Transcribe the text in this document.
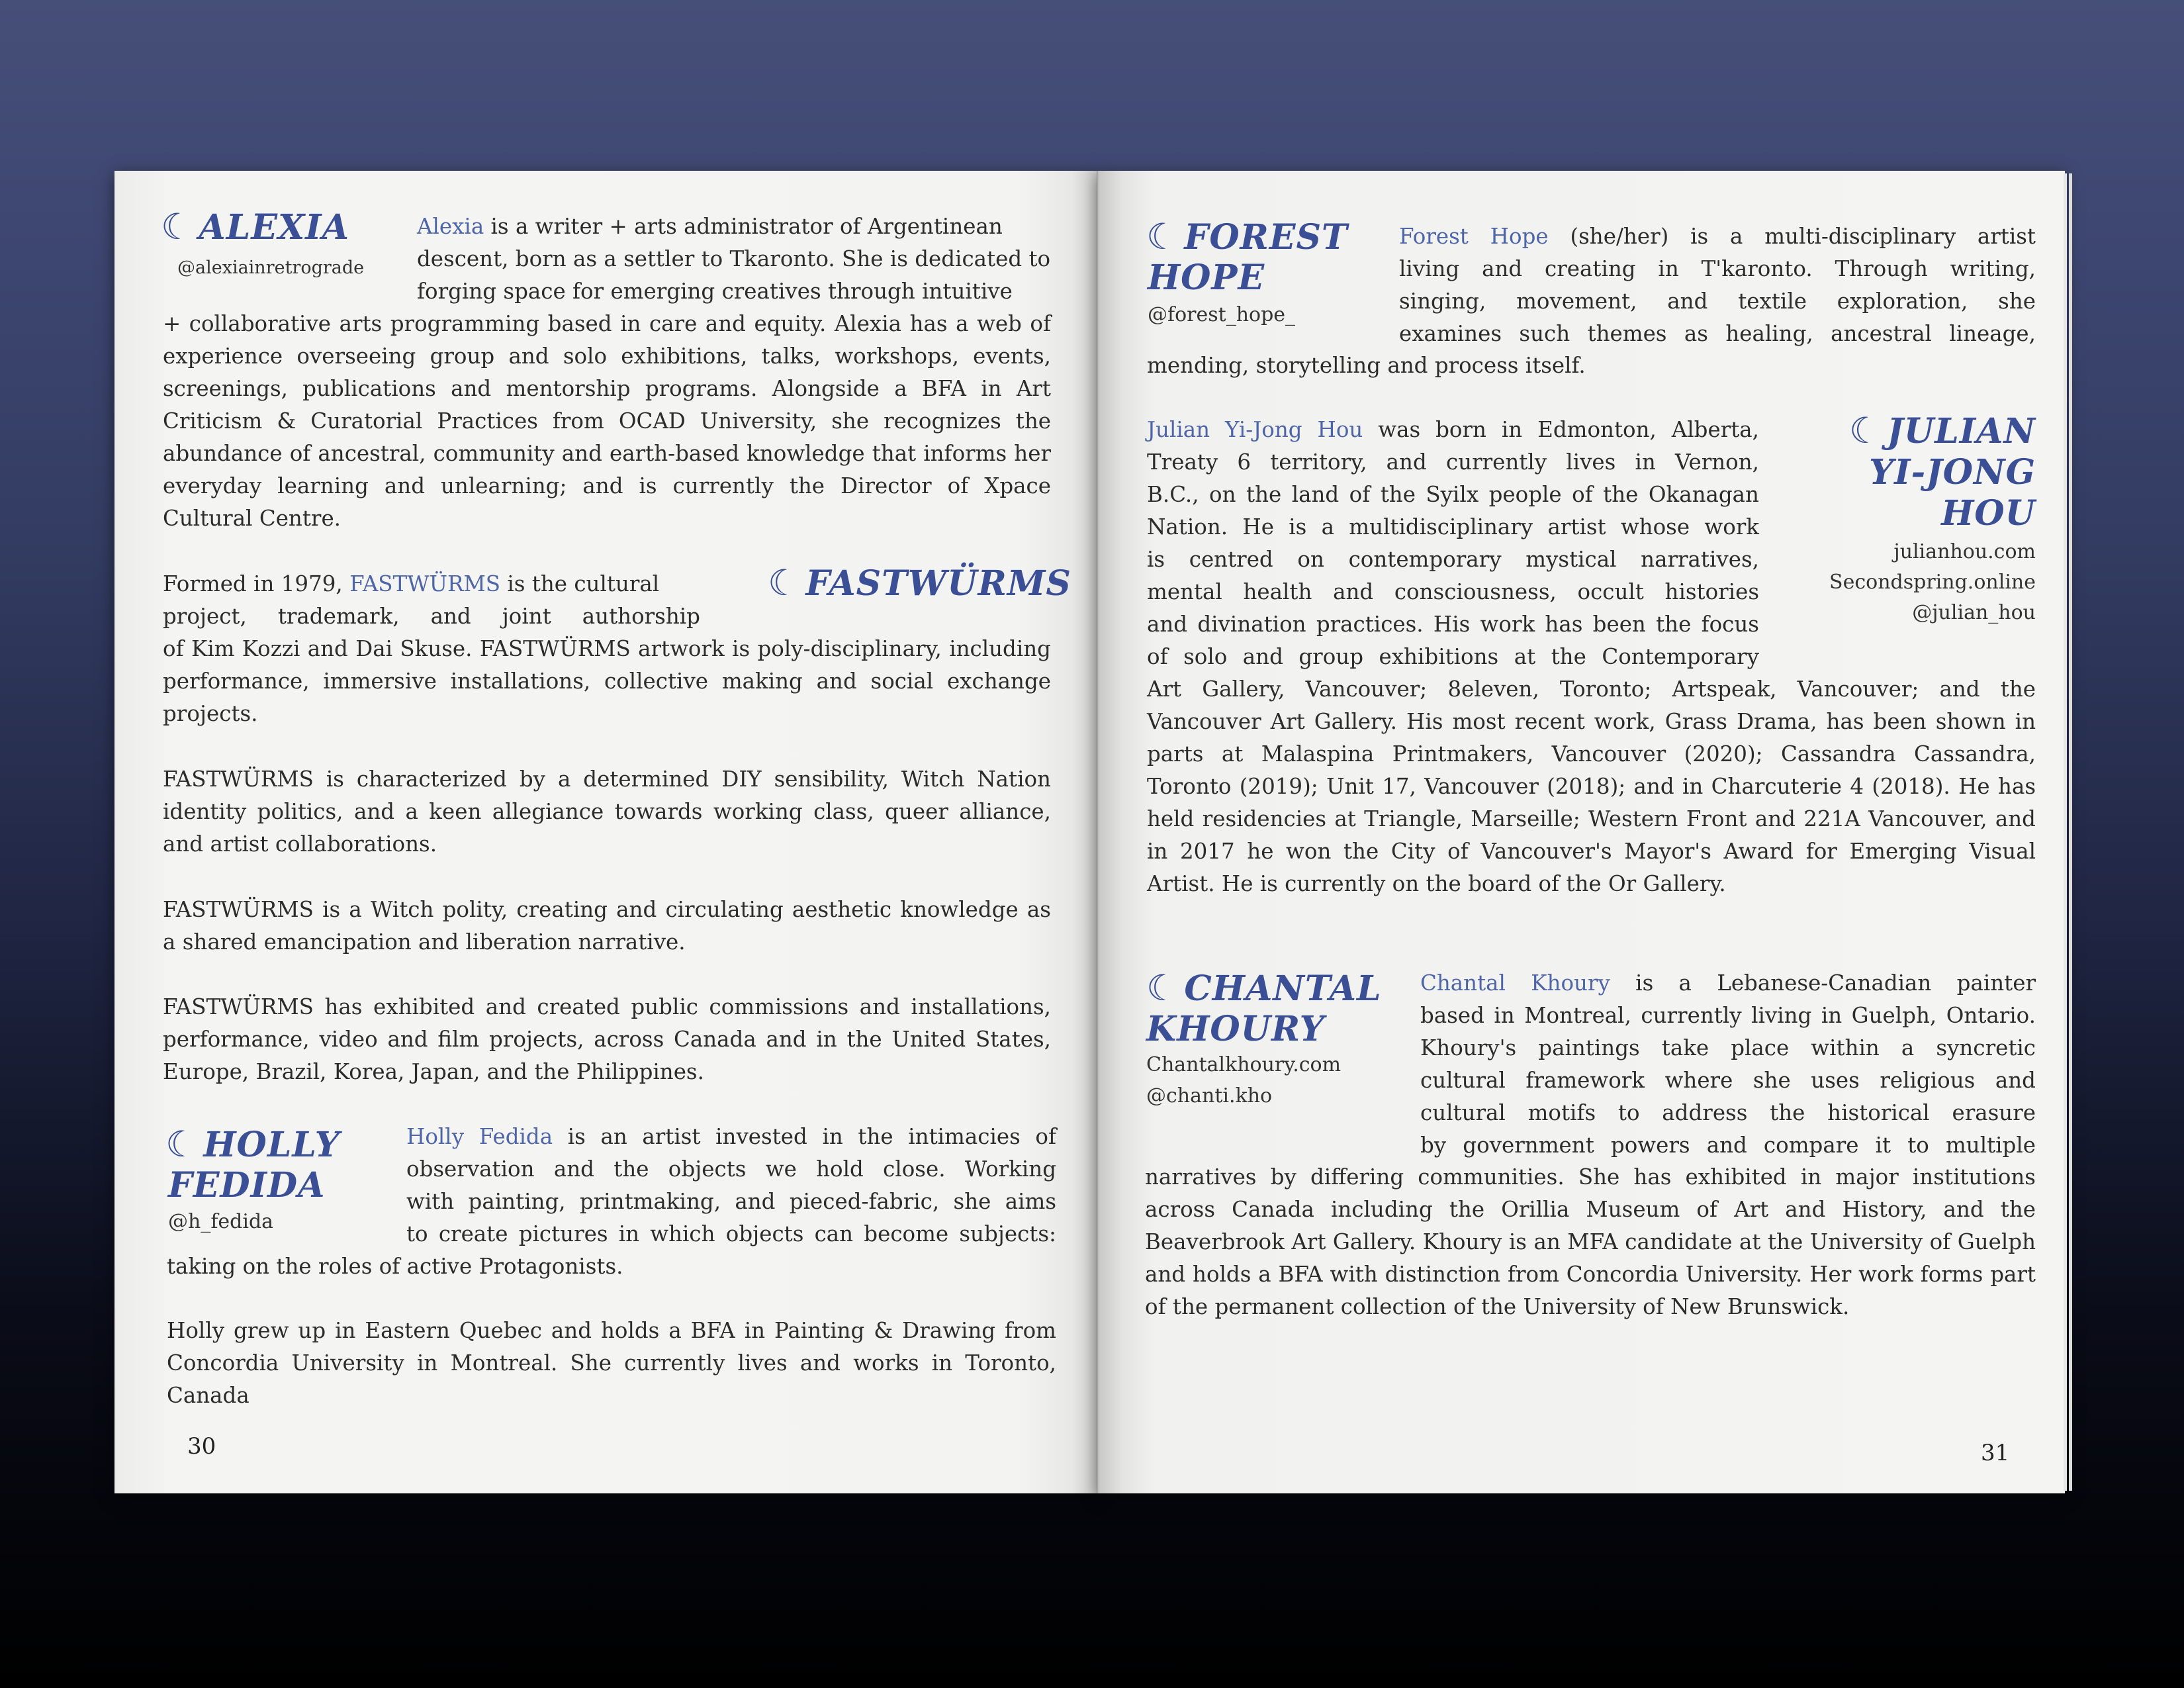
☾ ALEXIA
@alexiainretrograde
Alexia is a writer + arts administrator of Argentinean
descent, born as a settler to Tkaronto. She is dedicated to
forging space for emerging creatives through intuitive

+ collaborative arts programming based in care and equity. Alexia has a web of experience overseeing group and solo exhibitions, talks, workshops, events, screenings, publications and mentorship programs. Alongside a BFA in Art Criticism & Curatorial Practices from OCAD University, she recognizes the abundance of ancestral, community and earth-based knowledge that informs her everyday learning and unlearning; and is currently the Director of Xpace Cultural Centre.

Formed in 1979, FASTWÜRMS is the cultural
project, trademark, and joint authorship
☾ FASTWÜRMS

of Kim Kozzi and Dai Skuse. FASTWÜRMS artwork is poly-disciplinary, including performance, immersive installations, collective making and social exchange projects.

FASTWÜRMS is characterized by a determined DIY sensibility, Witch Nation identity politics, and a keen allegiance towards working class, queer alliance, and artist collaborations.

FASTWÜRMS is a Witch polity, creating and circulating aesthetic knowledge as a shared emancipation and liberation narrative.

FASTWÜRMS has exhibited and created public commissions and installations, performance, video and film projects, across Canada and in the United States, Europe, Brazil, Korea, Japan, and the Philippines.

☾ HOLLY
FEDIDA
@h_fedida
Holly Fedida is an artist invested in the intimacies of
observation and the objects we hold close. Working
with painting, printmaking, and pieced-fabric, she aims
to create pictures in which objects can become subjects:

taking on the roles of active Protagonists.

Holly grew up in Eastern Quebec and holds a BFA in Painting & Drawing from Concordia University in Montreal. She currently lives and works in Toronto, Canada

30
☾ FOREST
HOPE
@forest_hope_
Forest Hope (she/her) is a multi-disciplinary artist
living and creating in T'karonto. Through writing,
singing, movement, and textile exploration, she
examines such themes as healing, ancestral lineage,

mending, storytelling and process itself.

Julian Yi-Jong Hou was born in Edmonton, Alberta,
Treaty 6 territory, and currently lives in Vernon,
B.C., on the land of the Syilx people of the Okanagan
Nation. He is a multidisciplinary artist whose work
is centred on contemporary mystical narratives,
mental health and consciousness, occult histories
and divination practices. His work has been the focus
of solo and group exhibitions at the Contemporary
☾ JULIAN
YI-JONG
HOU
julianhou.com
Secondspring.online
@julian_hou

Art Gallery, Vancouver; 8eleven, Toronto; Artspeak, Vancouver; and the Vancouver Art Gallery. His most recent work, Grass Drama, has been shown in parts at Malaspina Printmakers, Vancouver (2020); Cassandra Cassandra, Toronto (2019); Unit 17, Vancouver (2018); and in Charcuterie 4 (2018). He has held residencies at Triangle, Marseille; Western Front and 221A Vancouver, and in 2017 he won the City of Vancouver's Mayor's Award for Emerging Visual Artist. He is currently on the board of the Or Gallery.

☾ CHANTAL
KHOURY
Chantalkhoury.com
@chanti.kho
Chantal Khoury is a Lebanese-Canadian painter
based in Montreal, currently living in Guelph, Ontario.
Khoury's paintings take place within a syncretic
cultural framework where she uses religious and
cultural motifs to address the historical erasure
by government powers and compare it to multiple

narratives by differing communities. She has exhibited in major institutions across Canada including the Orillia Museum of Art and History, and the Beaverbrook Art Gallery. Khoury is an MFA candidate at the University of Guelph and holds a BFA with distinction from Concordia University. Her work forms part of the permanent collection of the University of New Brunswick.

31
